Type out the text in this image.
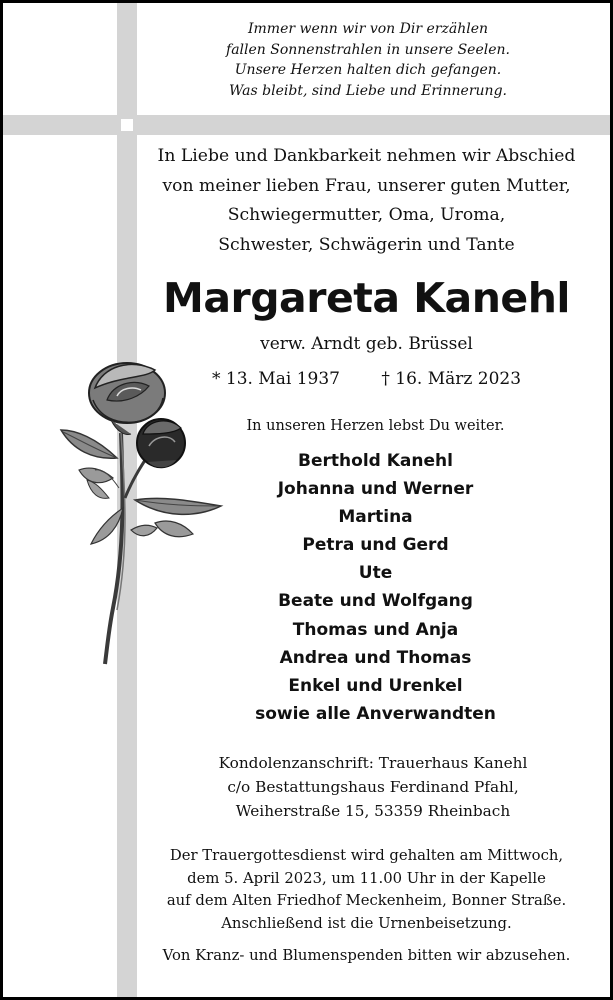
Immer wenn wir von Dir erzählen
fallen Sonnenstrahlen in unsere Seelen.
Unsere Herzen halten dich gefangen.
Was bleibt, sind Liebe und Erinnerung.
In Liebe und Dankbarkeit nehmen wir Abschied
von meiner lieben Frau, unserer guten Mutter,
Schwiegermutter, Oma, Uroma,
Schwester, Schwägerin und Tante
Margareta Kanehl
verw. Arndt geb. Brüssel
* 13. Mai 1937 † 16. März 2023
In unseren Herzen lebst Du weiter.
Berthold Kanehl
Johanna und Werner
Martina
Petra und Gerd
Ute
Beate und Wolfgang
Thomas und Anja
Andrea und Thomas
Enkel und Urenkel
sowie alle Anverwandten
Kondolenzanschrift: Trauerhaus Kanehl
c/o Bestattungshaus Ferdinand Pfahl,
Weiherstraße 15, 53359 Rheinbach
Der Trauergottesdienst wird gehalten am Mittwoch,
dem 5. April 2023, um 11.00 Uhr in der Kapelle
auf dem Alten Friedhof Meckenheim, Bonner Straße.
Anschließend ist die Urnenbeisetzung.
Von Kranz- und Blumenspenden bitten wir abzusehen.
